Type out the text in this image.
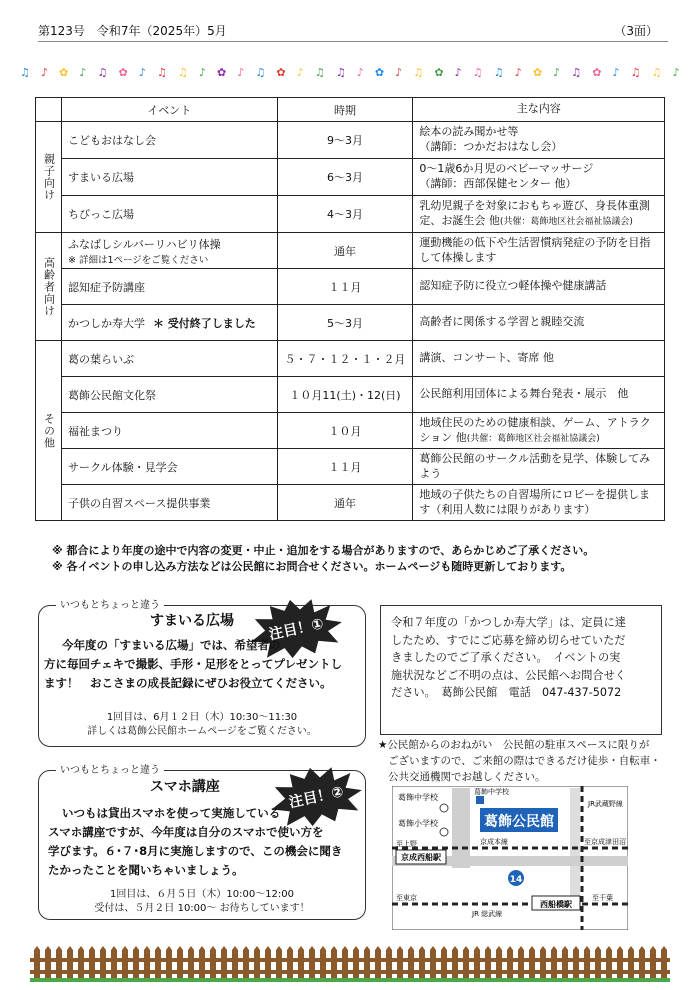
第123号　令和7年（2025年）5月	（3面）
♫ ♪ ✿ ♪ ♫ ✿ ♪ ♫ ♫ ♪ ✿ ♪ ♫ ✿ ♪ ♫ ♫ ♪ ✿ ♪ ♫ ✿ ♪ ♫ ♫ ♪ ✿ ♪ ♫ ✿ ♪ ♫ ♫ ♪
	イベント	時期	主な内容
親子向け	こどもおはなし会	9～3月	絵本の読み聞かせ等
（講師：つかだおはなし会）

	すまいる広場	6～3月	0～1歳6か月児のベビーマッサージ
（講師：西部保健センター 他）

	ちびっこ広場	4～3月	乳幼児親子を対象におもちゃ遊び、身長体重測定、お誕生会 他(共催：葛飾地区社会福祉協議会)
高齢者向け	ふなばしシルバーリハビリ体操
※ 詳細は1ページをご覧ください	通年	運動機能の低下や生活習慣病発症の予防を目指して体操します
	認知症予防講座	１１月	認知症予防に役立つ軽体操や健康講話
	かつしか寿大学 ＊ 受付終了しました	5～3月	高齢者に関係する学習と親睦交流
その他	葛の葉らいぶ	５・７・１２・１・２月	講演、コンサート、寄席 他
	葛飾公民館文化祭	１０月11(土)・12(日)	公民館利用団体による舞台発表・展示　他
	福祉まつり	１０月	地域住民のための健康相談、ゲーム、アトラクション 他(共催：葛飾地区社会福祉協議会)
	サークル体験・見学会	１１月	葛飾公民館のサークル活動を見学、体験してみよう
	子供の自習スペース提供事業	通年	地域の子供たちの自習場所にロビーを提供します（利用人数には限りがあります）
※ 都合により年度の途中で内容の変更・中止・追加をする場合がありますので、あらかじめご了承ください。
※ 各イベントの申し込み方法などは公民館にお問合せください。ホームページも随時更新しております。
いつもとちょっと違う
すまいる広場 注目！①
今年度の「すまいる広場」では、希望者の
方に毎回チェキで撮影、手形・足形をとってプレゼントし
ます！　おこさまの成長記録にぜひお役立てください。
1回目は、6月１２日（木）10:30～11:30
詳しくは葛飾公民館ホームページをご覧ください。
いつもとちょっと違う
スマホ講座	注目！②
いつもは貸出スマホを使って実施している
スマホ講座ですが、今年度は自分のスマホで使い方を
学びます。６･７･8月に実施しますので、この機会に聞き
たかったことを聞いちゃいましょう。
1回目は、６月５日（木）10:00～12:00
受付は、５月２日 10:00～ お待ちしています！
令和７年度の「かつしか寿大学」は、定員に達
したため、すでにご応募を締め切らせていただ
きましたのでご了承ください。　イベントの実
施状況などご不明の点は、公民館へお問合せく
ださい。　葛飾公民館　電話　047-437-5072
★公民館からのおねがい　公民館の駐車スペースに限りが
ございますので、ご来館の際はできるだけ徒歩・自転車・
公共交通機関でお越しください。
葛飾公民館
葛飾中学校
葛飾中学校
葛飾小学校
至上野	京成本線
京成西船駅
至京成津田沼
JR武蔵野線
14
至東京
JR 総武線
西船橋駅
至千葉
